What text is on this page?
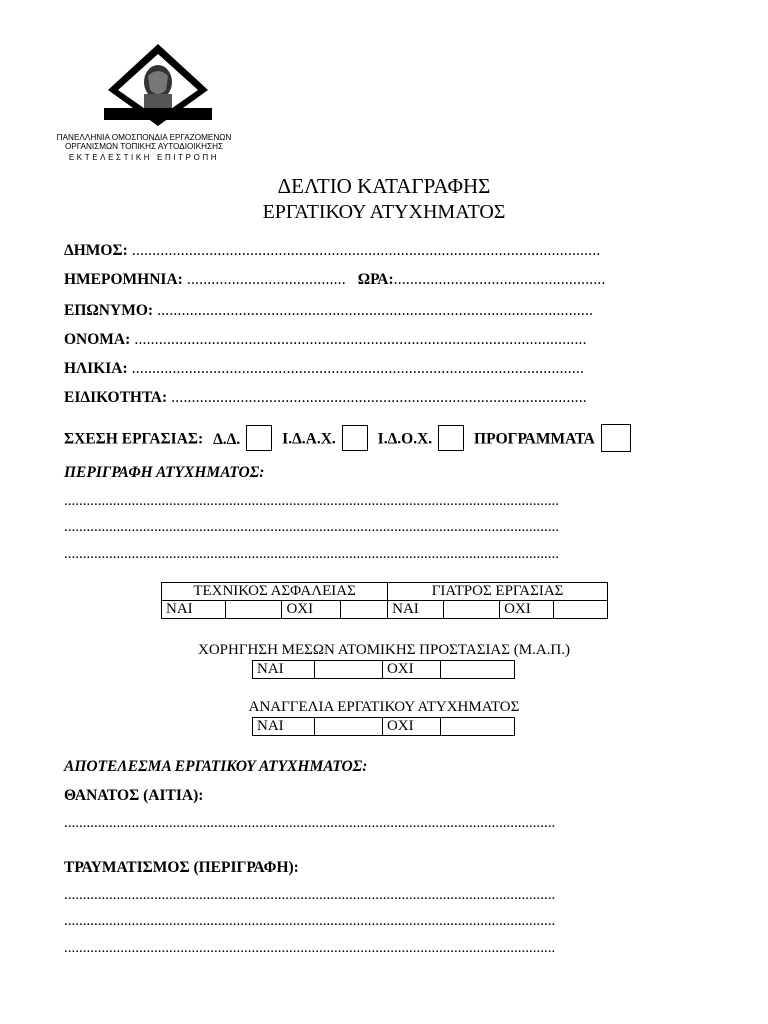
ΠΑΝΕΛΛΗΝΙΑ ΟΜΟΣΠΟΝΔΙΑ ΕΡΓΑΖΟΜΕΝΩΝ
ΟΡΓΑΝΙΣΜΩΝ ΤΟΠΙΚΗΣ ΑΥΤΟΔΙΟΙΚΗΣΗΣ
ΕΚΤΕΛΕΣΤΙΚΗ ΕΠΙΤΡΟΠΗ
ΔΕΛΤΙΟ ΚΑΤΑΓΡΑΦΗΣ
ΕΡΓΑΤΙΚΟΥ ΑΤΥΧΗΜΑΤΟΣ
ΔΗΜΟΣ: ...................................................................................................................
ΗΜΕΡΟΜΗΝΙΑ: ....................................... ΩΡΑ:....................................................
ΕΠΩΝΥΜΟ: ...........................................................................................................
ΟΝΟΜΑ: ...............................................................................................................
ΗΛΙΚΙΑ: ...............................................................................................................
ΕΙΔΙΚΟΤΗΤΑ: ......................................................................................................
ΣΧΕΣΗ ΕΡΓΑΣΙΑΣ: Δ.Δ.	Ι.Δ.Α.Χ.	Ι.Δ.Ο.Χ.	ΠΡΟΓΡΑΜΜΑΤΑ
ΠΕΡΙΓΡΑΦΗ ΑΤΥΧΗΜΑΤΟΣ:
....................................................................................................................................
....................................................................................................................................
....................................................................................................................................
ΤΕΧΝΙΚΟΣ ΑΣΦΑΛΕΙΑΣ				ΓΙΑΤΡΟΣ ΕΡΓΑΣΙΑΣ			
ΝΑΙ		ΟΧΙ		ΝΑΙ		ΟΧΙ	
ΧΟΡΗΓΗΣΗ ΜΕΣΩΝ ΑΤΟΜΙΚΗΣ ΠΡΟΣΤΑΣΙΑΣ (Μ.Α.Π.)
ΝΑΙ		ΟΧΙ	
ΑΝΑΓΓΕΛΙΑ ΕΡΓΑΤΙΚΟΥ ΑΤΥΧΗΜΑΤΟΣ
ΝΑΙ		ΟΧΙ	
ΑΠΟΤΕΛΕΣΜΑ ΕΡΓΑΤΙΚΟΥ ΑΤΥΧΗΜΑΤΟΣ:
ΘΑΝΑΤΟΣ (ΑΙΤΙΑ):
...................................................................................................................................
ΤΡΑΥΜΑΤΙΣΜΟΣ (ΠΕΡΙΓΡΑΦΗ):
...................................................................................................................................
...................................................................................................................................
...................................................................................................................................
